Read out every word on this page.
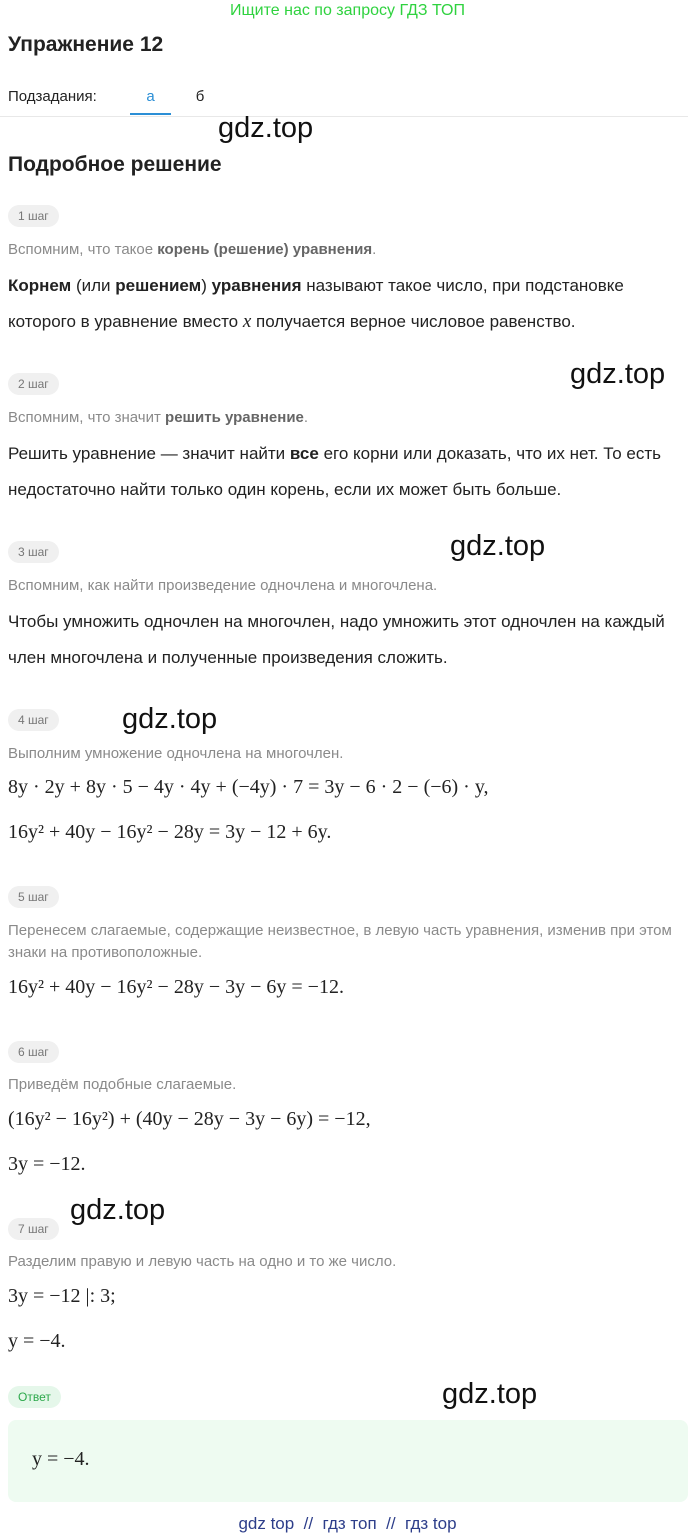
Ищите нас по запросу ГДЗ ТОП
Упражнение 12
Подзадания:	а	б
Подробное решение
gdz.top
gdz.top
gdz.top
gdz.top
gdz.top
gdz.top
1 шаг
Вспомним, что такое корень (решение) уравнения.
Корнем (или решением) уравнения называют такое число, при подстановке которого в уравнение вместо x получается верное числовое равенство.
2 шаг
Вспомним, что значит решить уравнение.
Решить уравнение — значит найти все его корни или доказать, что их нет. То есть недостаточно найти только один корень, если их может быть больше.
3 шаг
Вспомним, как найти произведение одночлена и многочлена.
Чтобы умножить одночлен на многочлен, надо умножить этот одночлен на каждый член многочлена и полученные произведения сложить.
4 шаг
Выполним умножение одночлена на многочлен.
8y · 2y + 8y · 5 − 4y · 4y + (−4y) · 7 = 3y − 6 · 2 − (−6) · y,
16y² + 40y − 16y² − 28y = 3y − 12 + 6y.
5 шаг
Перенесем слагаемые, содержащие неизвестное, в левую часть уравнения, изменив при этом знаки на противоположные.
16y² + 40y − 16y² − 28y − 3y − 6y = −12.
6 шаг
Приведём подобные слагаемые.
(16y² − 16y²) + (40y − 28y − 3y − 6y) = −12,
3y = −12.
7 шаг
Разделим правую и левую часть на одно и то же число.
3y = −12 |: 3;
y = −4.
Ответ
y = −4.
gdz top  //  гдз топ  //  гдз top
